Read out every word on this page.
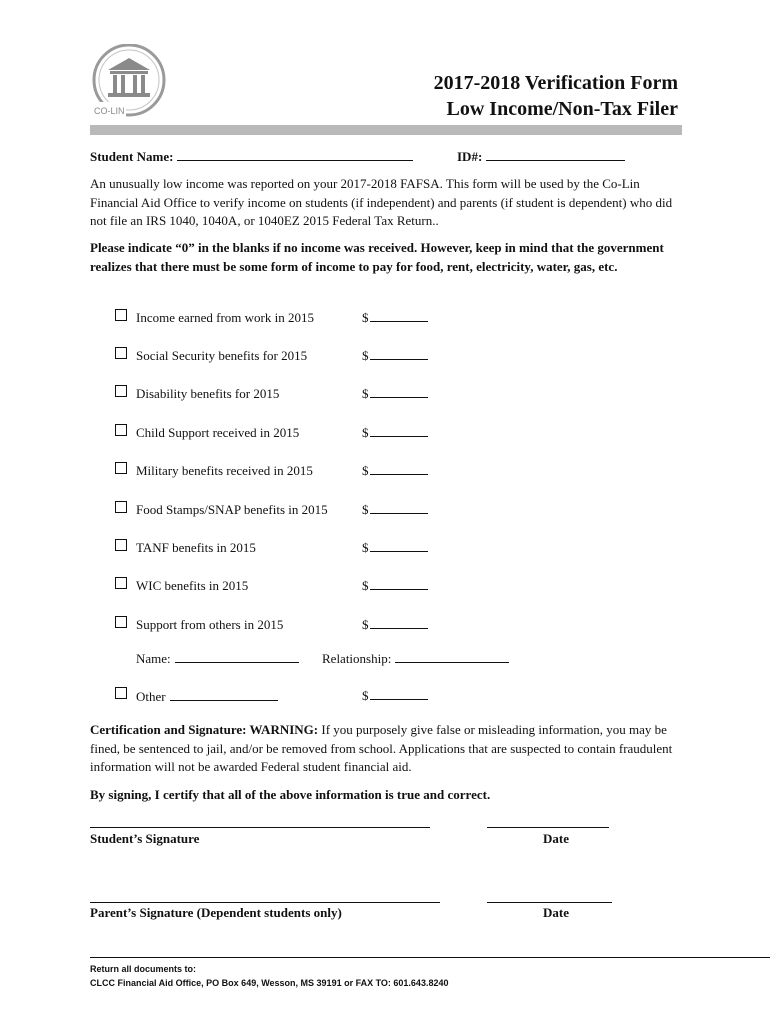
CO-LIN
2017-2018 Verification Form
Low Income/Non-Tax Filer
Student Name:	ID#:
An unusually low income was reported on your 2017-2018 FAFSA. This form will be used by the Co-Lin Financial Aid Office to verify income on students (if independent) and parents (if student is dependent) who did not file an IRS 1040, 1040A, or 1040EZ 2015 Federal Tax Return..
Please indicate “0” in the blanks if no income was received. However, keep in mind that the government realizes that there must be some form of income to pay for food, rent, electricity, water, gas, etc.
Income earned from work in 2015	$
Social Security benefits for 2015	$
Disability benefits for 2015	$
Child Support received in 2015	$
Military benefits received in 2015	$
Food Stamps/SNAP benefits in 2015	$
TANF benefits in 2015	$
WIC benefits in 2015	$
Support from others in 2015	$
Name:	Relationship:
Other	$
Certification and Signature: WARNING: If you purposely give false or misleading information, you may be fined, be sentenced to jail, and/or be removed from school. Applications that are suspected to contain fraudulent information will not be awarded Federal student financial aid.
By signing, I certify that all of the above information is true and correct.
Student’s Signature	Date
Parent’s Signature (Dependent students only)	Date
Return all documents to:
CLCC Financial Aid Office, PO Box 649, Wesson, MS 39191 or FAX TO: 601.643.8240
